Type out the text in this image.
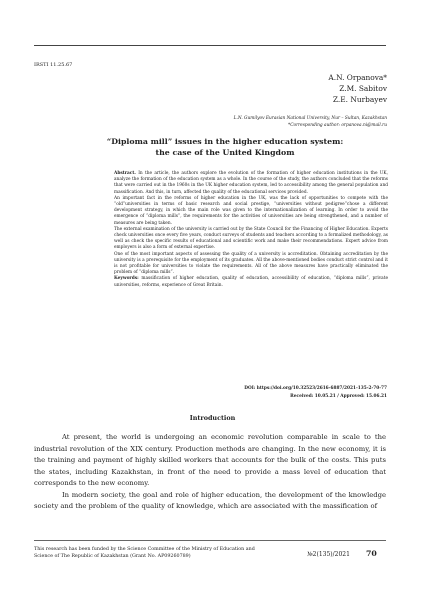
IRSTI 11.25.67
A.N. Orpanova*
Z.M. Sabitov
Z.E. Nurbayev
L.N. Gumilyov Eurasian National University, Nur – Sultan, Kazakhstan
*Corresponding author: orpanova.ni@mail.ru
“Diploma mill” issues in the higher education system: the case of the United Kingdom

Abstract. In the article, the authors explore the evolution of the formation of higher education institutions in the UK, analyze the formation of the education system as a whole. In the course of the study, the authors concluded that the reforms that were carried out in the 1960s in the UK higher education system, led to accessibility among the general population and massification. And this, in turn, affected the quality of the educational services provided.

An important fact in the reforms of higher education in the UK, was the lack of opportunities to compete with the “old”universities in terms of basic research and social prestige, “universities without pedigree”chose a different development strategy, in which the main role was given to the internationalization of learning. In order to avoid the emergence of “diploma mills”, the requirements for the activities of universities are being strengthened, and a number of measures are being taken.

The external examination of the university is carried out by the State Council for the Financing of Higher Education. Experts check universities once every five years, conduct surveys of students and teachers according to a formalized methodology, as well as check the specific results of educational and scientific work and make their recommendations. Expert advice from employers is also a form of external expertise.

One of the most important aspects of assessing the quality of a university is accreditation. Obtaining accreditation by the university is a prerequisite for the employment of its graduates. All the above-mentioned bodies conduct strict control and it is not profitable for universities to violate the requirements. All of the above measures have practically eliminated the problem of “diploma mills”.

Keywords: massification of higher education, quality of education, accessibility of education, “diploma mills”, private universities, reforms, experience of Great Britain.

DOI: https://doi.org/10.32523/2616-6887/2021-135-2-70-77
Received: 10.05.21 / Approved: 15.06.21
Introduction

At present, the world is undergoing an economic revolution comparable in scale to the industrial revolution of the XIX century. Production methods are changing. In the new economy, it is the training and payment of highly skilled workers that accounts for the bulk of the costs. This puts the states, including Kazakhstan, in front of the need to provide a mass level of education that corresponds to the new economy.

In modern society, the goal and role of higher education, the development of the knowledge society and the problem of the quality of knowledge, which are associated with the massification of

This research has been funded by the Science Committee of the Ministry of Education and Science of The Republic of Kazakhstan (Grant No. AP09260789)	№2(135)/2021 70
